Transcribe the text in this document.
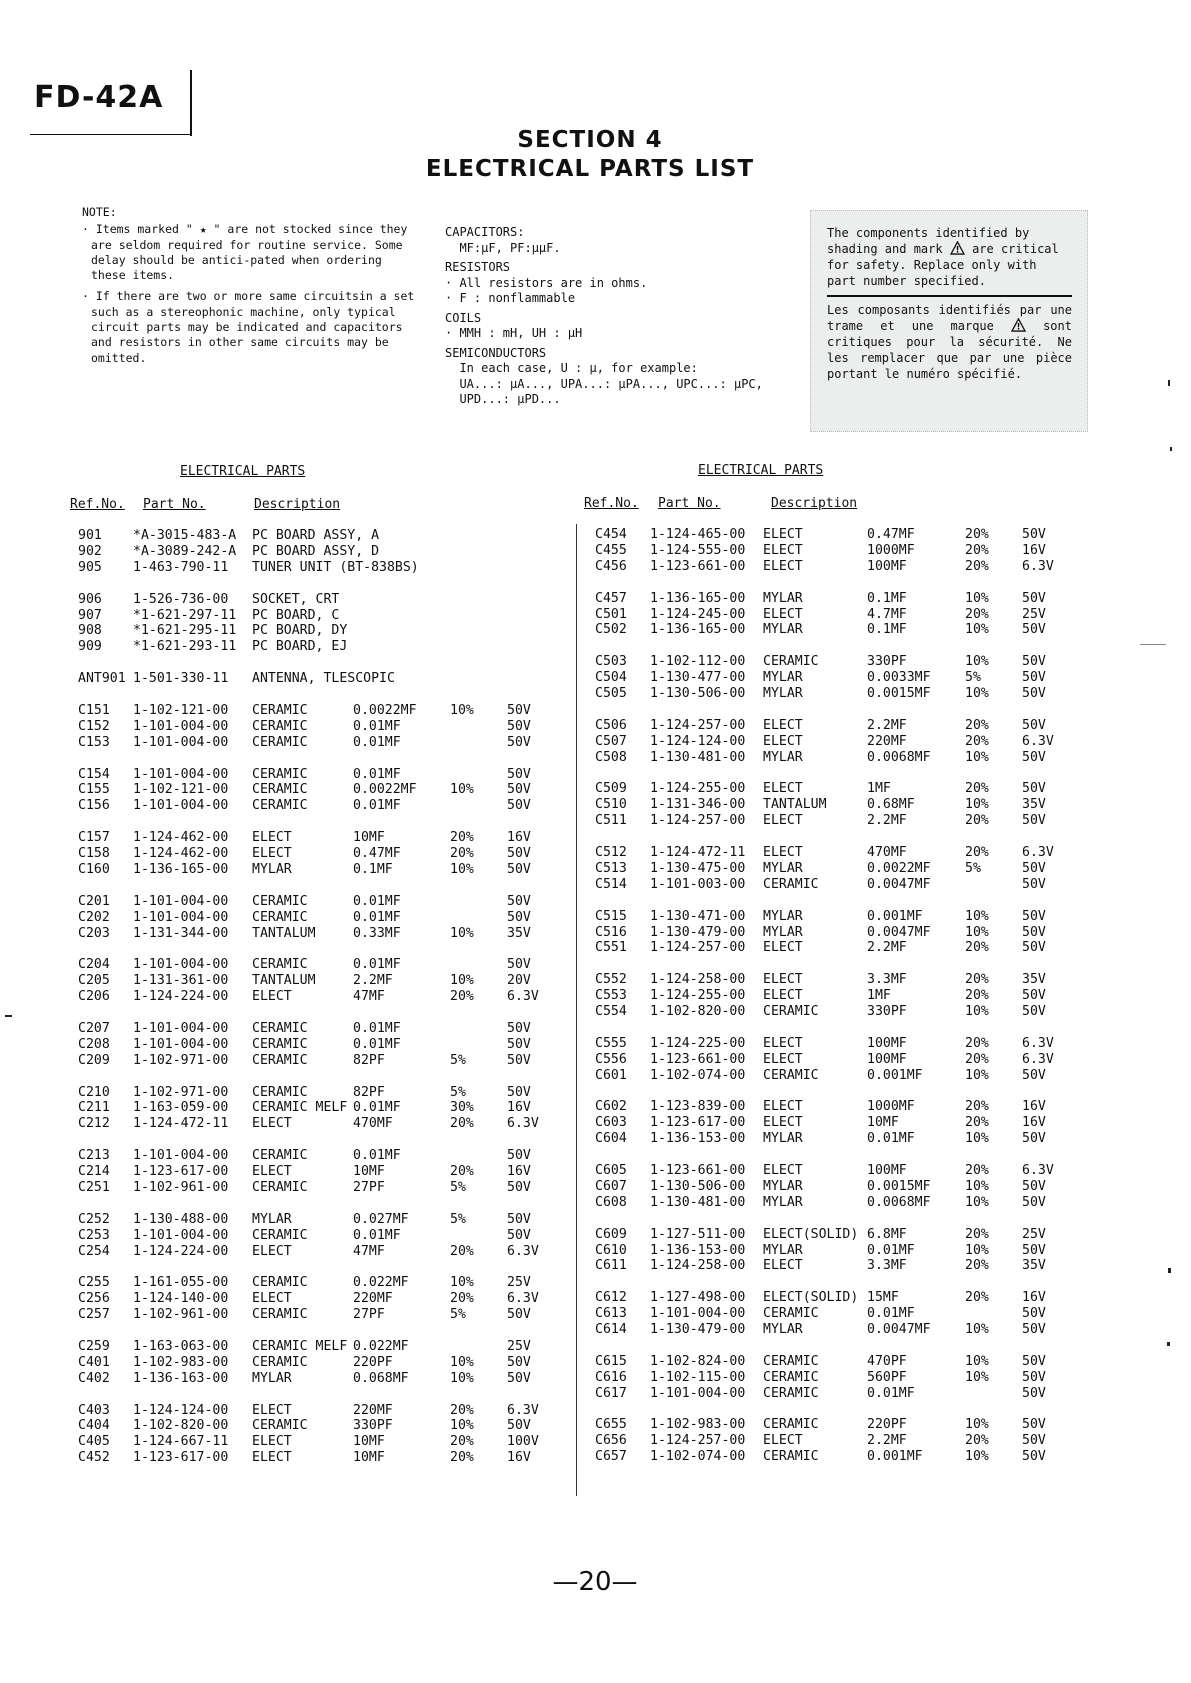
FD-42A
SECTION 4
ELECTRICAL PARTS LIST

NOTE:

· Items marked " ★ " are not stocked since they are seldom required for routine service. Some delay should be antici-pated when ordering these items.

· If there are two or more same circuitsin a set such as a stereophonic machine, only typical circuit parts may be indicated and capacitors and resistors in other same circuits may be omitted.

CAPACITORS:
MF:μF, PF:μμF.
RESISTORS
· All resistors are in ohms.
· F : nonflammable
COILS
· MMH : mH, UH : μH
SEMICONDUCTORS
In each case, U : μ, for example:
UA...: μA..., UPA...: μPA..., UPC...: μPC,
UPD...: μPD...
The components identified by shading and mark ! are critical for safety. Replace only with part number specified.
Les composants identifiés par une trame et une marque	! sont critiques pour la sécurité. Ne les remplacer que par une pièce portant le numéro spécifié.
ELECTRICAL PARTS	ELECTRICAL PARTS
Ref.No. Part No.	Description	Ref.No. Part No.	Description
901 *A-3015-483-A PC BOARD ASSY, A
902 *A-3089-242-A PC BOARD ASSY, D
905 1-463-790-11 TUNER UNIT (BT-838BS)
906 1-526-736-00 SOCKET, CRT
907 *1-621-297-11 PC BOARD, C
908 *1-621-295-11 PC BOARD, DY
909 *1-621-293-11 PC BOARD, EJ
ANT901 1-501-330-11 ANTENNA, TLESCOPIC
C151 1-102-121-00 CERAMIC	0.0022MF	10%	50V
C152 1-101-004-00 CERAMIC	0.01MF	50V
C153 1-101-004-00 CERAMIC	0.01MF	50V
C154 1-101-004-00 CERAMIC	0.01MF	50V
C155 1-102-121-00 CERAMIC	0.0022MF	10%	50V
C156 1-101-004-00 CERAMIC	0.01MF	50V
C157 1-124-462-00 ELECT	10MF	20%	16V
C158 1-124-462-00 ELECT	0.47MF	20%	50V
C160 1-136-165-00 MYLAR	0.1MF	10%	50V
C201 1-101-004-00 CERAMIC	0.01MF	50V
C202 1-101-004-00 CERAMIC	0.01MF	50V
C203 1-131-344-00 TANTALUM	0.33MF	10%	35V
C204 1-101-004-00 CERAMIC	0.01MF	50V
C205 1-131-361-00 TANTALUM	2.2MF	10%	20V
C206 1-124-224-00 ELECT	47MF	20%	6.3V
C207 1-101-004-00 CERAMIC	0.01MF	50V
C208 1-101-004-00 CERAMIC	0.01MF	50V
C209 1-102-971-00 CERAMIC	82PF	5%	50V
C210 1-102-971-00 CERAMIC	82PF	5%	50V
C211 1-163-059-00 CERAMIC MELF 0.01MF	30%	16V
C212 1-124-472-11 ELECT	470MF	20%	6.3V
C213 1-101-004-00 CERAMIC	0.01MF	50V
C214 1-123-617-00 ELECT	10MF	20%	16V
C251 1-102-961-00 CERAMIC	27PF	5%	50V
C252 1-130-488-00 MYLAR	0.027MF	5%	50V
C253 1-101-004-00 CERAMIC	0.01MF	50V
C254 1-124-224-00 ELECT	47MF	20%	6.3V
C255 1-161-055-00 CERAMIC	0.022MF	10%	25V
C256 1-124-140-00 ELECT	220MF	20%	6.3V
C257 1-102-961-00 CERAMIC	27PF	5%	50V
C259 1-163-063-00 CERAMIC MELF 0.022MF	25V
C401 1-102-983-00 CERAMIC	220PF	10%	50V
C402 1-136-163-00 MYLAR	0.068MF	10%	50V
C403 1-124-124-00 ELECT	220MF	20%	6.3V
C404 1-102-820-00 CERAMIC	330PF	10%	50V
C405 1-124-667-11 ELECT	10MF	20%	100V
C452 1-123-617-00 ELECT	10MF	20%	16V
C454 1-124-465-00 ELECT	0.47MF	20%	50V
C455 1-124-555-00 ELECT	1000MF	20%	16V
C456 1-123-661-00 ELECT	100MF	20%	6.3V
C457 1-136-165-00 MYLAR	0.1MF	10%	50V
C501 1-124-245-00 ELECT	4.7MF	20%	25V
C502 1-136-165-00 MYLAR	0.1MF	10%	50V
C503 1-102-112-00 CERAMIC	330PF	10%	50V
C504 1-130-477-00 MYLAR	0.0033MF	5%	50V
C505 1-130-506-00 MYLAR	0.0015MF	10%	50V
C506 1-124-257-00 ELECT	2.2MF	20%	50V
C507 1-124-124-00 ELECT	220MF	20%	6.3V
C508 1-130-481-00 MYLAR	0.0068MF	10%	50V
C509 1-124-255-00 ELECT	1MF	20%	50V
C510 1-131-346-00 TANTALUM	0.68MF	10%	35V
C511 1-124-257-00 ELECT	2.2MF	20%	50V
C512 1-124-472-11 ELECT	470MF	20%	6.3V
C513 1-130-475-00 MYLAR	0.0022MF	5%	50V
C514 1-101-003-00 CERAMIC	0.0047MF	50V
C515 1-130-471-00 MYLAR	0.001MF	10%	50V
C516 1-130-479-00 MYLAR	0.0047MF	10%	50V
C551 1-124-257-00 ELECT	2.2MF	20%	50V
C552 1-124-258-00 ELECT	3.3MF	20%	35V
C553 1-124-255-00 ELECT	1MF	20%	50V
C554 1-102-820-00 CERAMIC	330PF	10%	50V
C555 1-124-225-00 ELECT	100MF	20%	6.3V
C556 1-123-661-00 ELECT	100MF	20%	6.3V
C601 1-102-074-00 CERAMIC	0.001MF	10%	50V
C602 1-123-839-00 ELECT	1000MF	20%	16V
C603 1-123-617-00 ELECT	10MF	20%	16V
C604 1-136-153-00 MYLAR	0.01MF	10%	50V
C605 1-123-661-00 ELECT	100MF	20%	6.3V
C607 1-130-506-00 MYLAR	0.0015MF	10%	50V
C608 1-130-481-00 MYLAR	0.0068MF	10%	50V
C609 1-127-511-00 ELECT(SOLID) 6.8MF	20%	25V
C610 1-136-153-00 MYLAR	0.01MF	10%	50V
C611 1-124-258-00 ELECT	3.3MF	20%	35V
C612 1-127-498-00 ELECT(SOLID) 15MF	20%	16V
C613 1-101-004-00 CERAMIC	0.01MF	50V
C614 1-130-479-00 MYLAR	0.0047MF	10%	50V
C615 1-102-824-00 CERAMIC	470PF	10%	50V
C616 1-102-115-00 CERAMIC	560PF	10%	50V
C617 1-101-004-00 CERAMIC	0.01MF	50V
C655 1-102-983-00 CERAMIC	220PF	10%	50V
C656 1-124-257-00 ELECT	2.2MF	20%	50V
C657 1-102-074-00 CERAMIC	0.001MF	10%	50V
—20—
